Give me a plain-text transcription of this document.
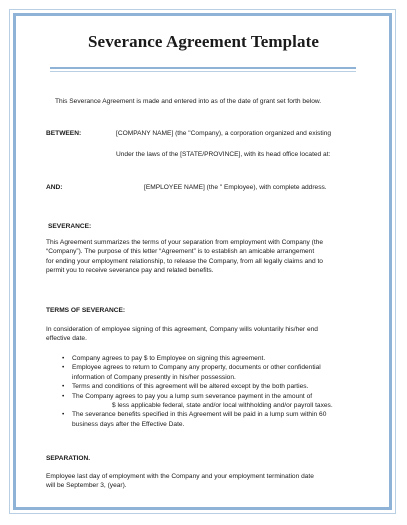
Severance Agreement Template
This Severance Agreement is made and entered into as of the date of grant set forth below.
BETWEEN:	[COMPANY NAME] (the "Company), a corporation organized and existing
Under the laws of the [STATE/PROVINCE], with its head office located at:
AND:	[EMPLOYEE NAME] (the " Employee), with complete address.
SEVERANCE:
This Agreement summarizes the terms of your separation from employment with Company (the
“Company”). The purpose of this letter “Agreement” is to establish an amicable arrangement
for ending your employment relationship, to release the Company, from all legally claims and to
permit you to receive severance pay and related benefits.
TERMS OF SEVERANCE:
In consideration of employee signing of this agreement, Company wills voluntarily his/her end
effective date.
• Company agrees to pay $ to Employee on signing this agreement.
• Employee agrees to return to Company any property, documents or other confidential
information of Company presently in his/her possession.
• Terms and conditions of this agreement will be altered except by the both parties.
• The Company agrees to pay you a lump sum severance payment in the amount of
$ less applicable federal, state and/or local withholding and/or payroll taxes.
• The severance benefits specified in this Agreement will be paid in a lump sum within 60
business days after the Effective Date.
SEPARATION.
Employee last day of employment with the Company and your employment termination date
will be September 3, (year).
